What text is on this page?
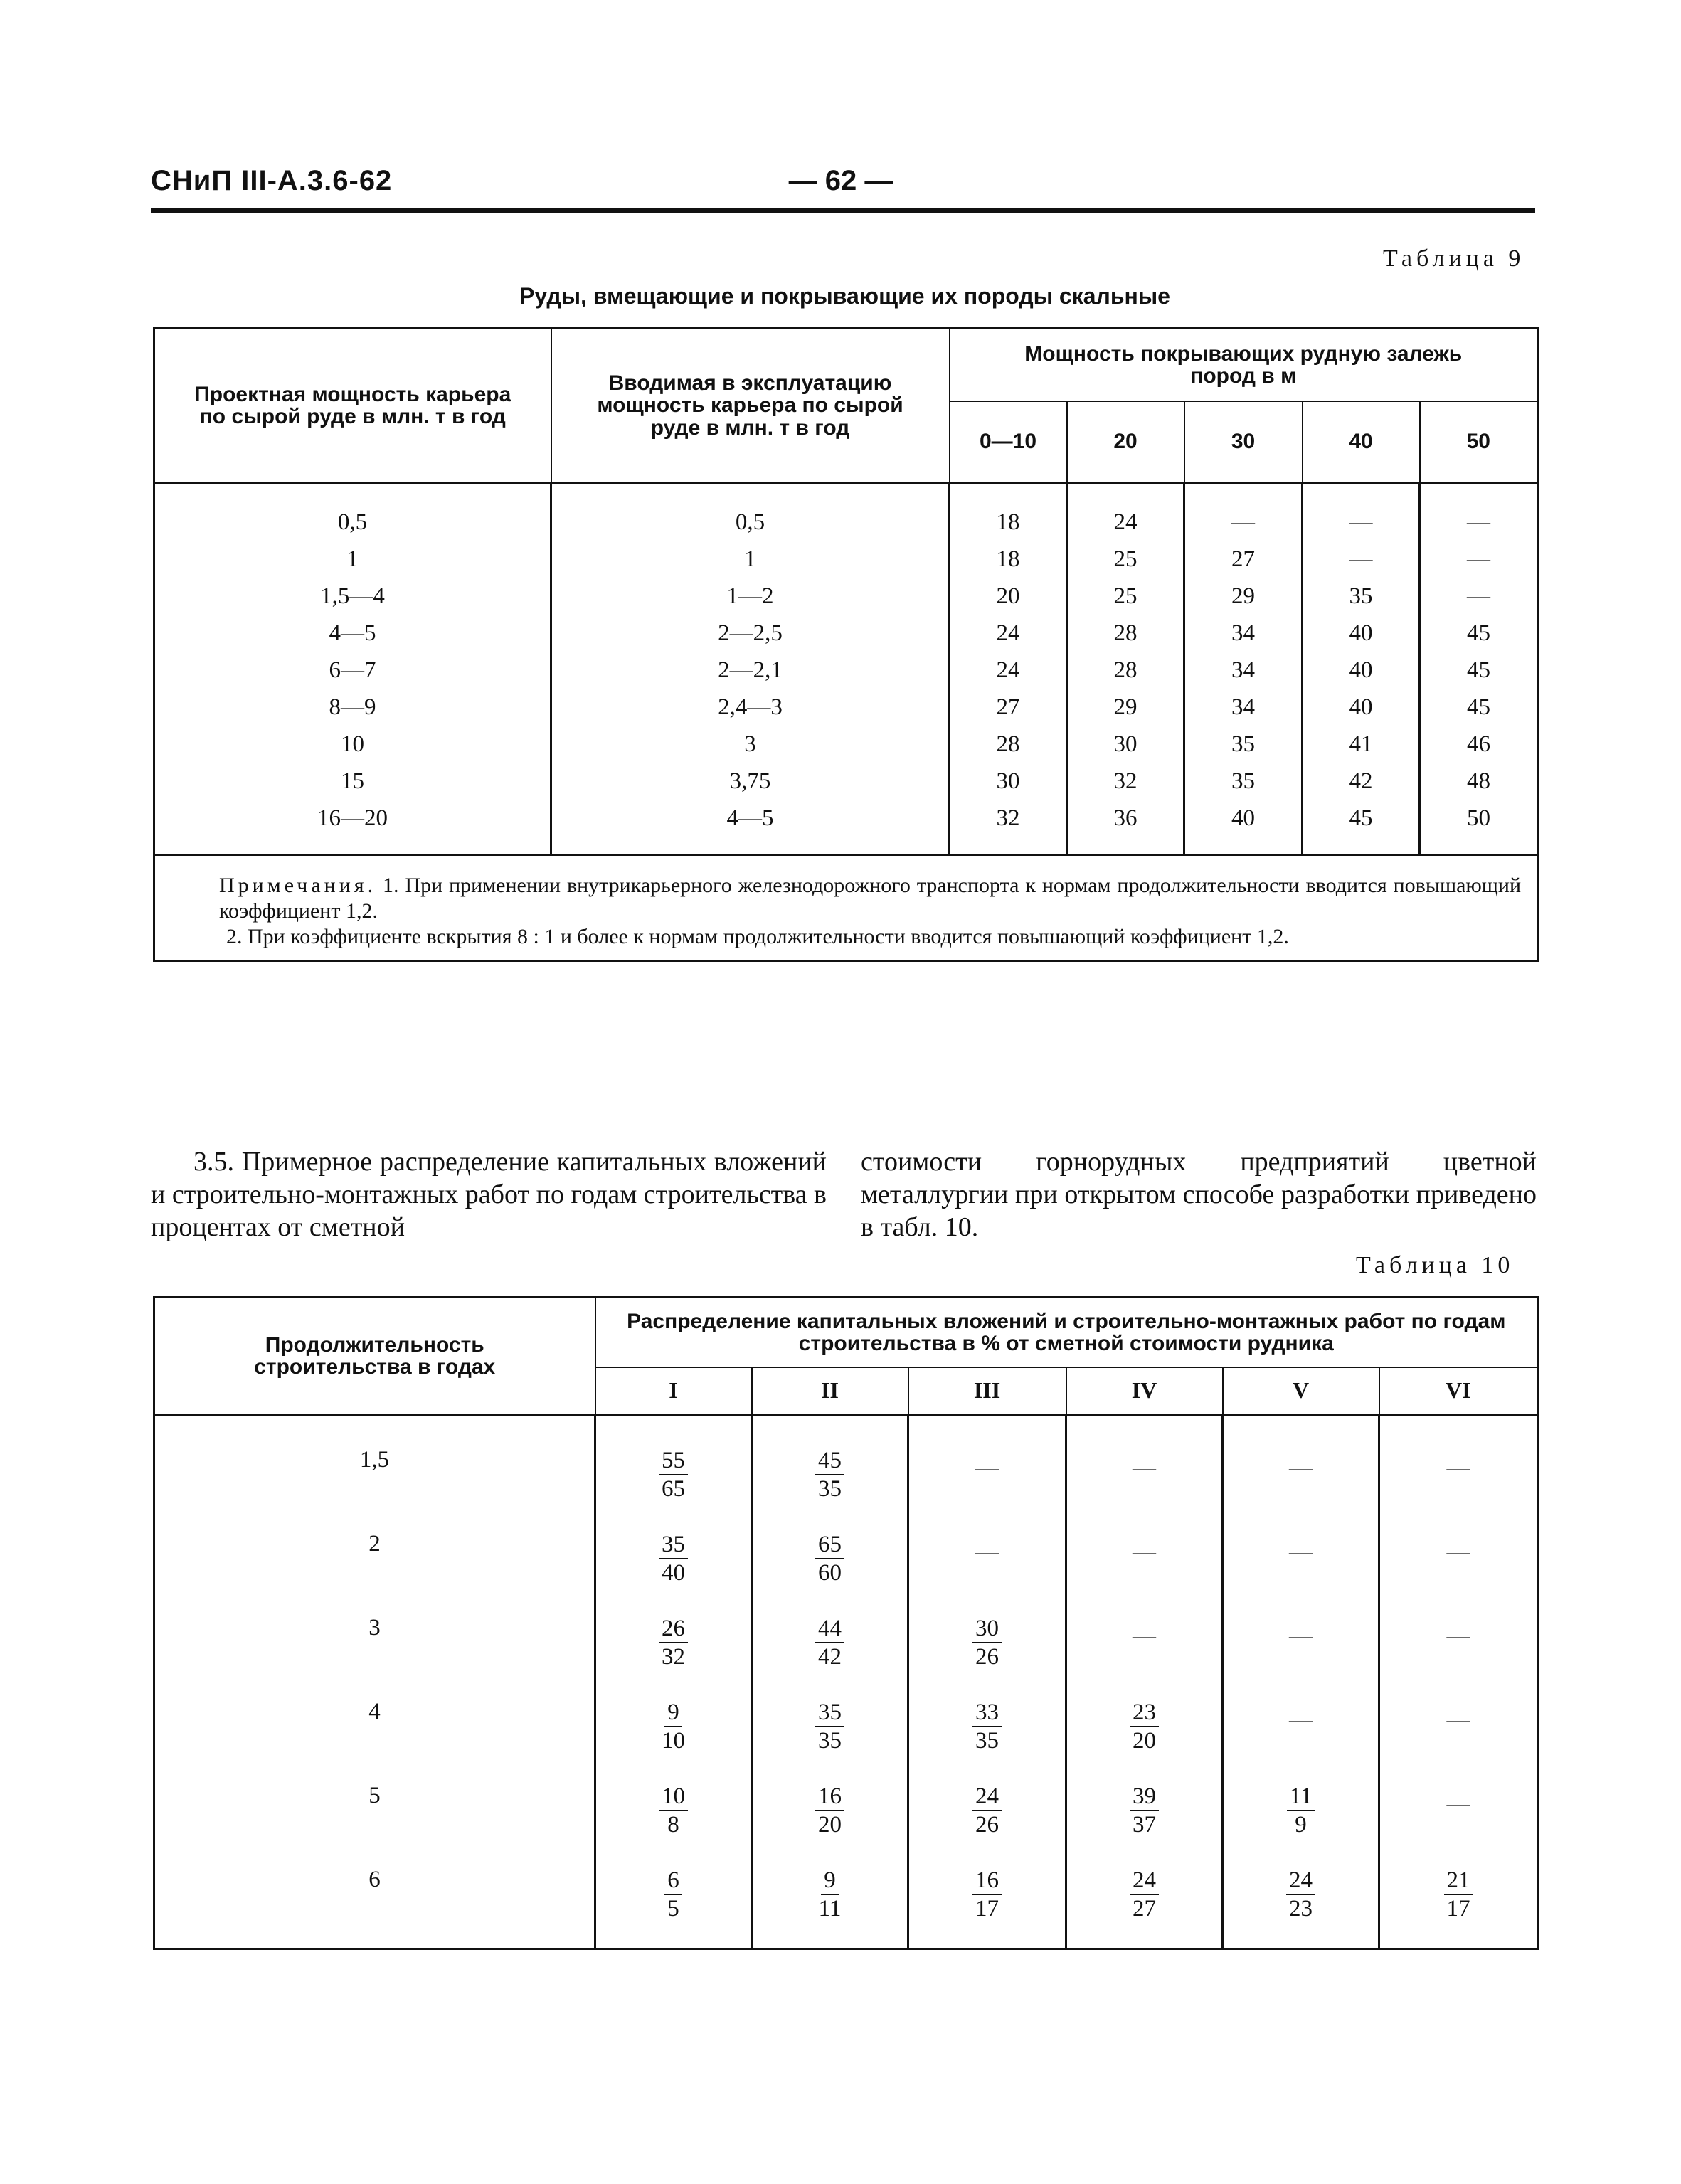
СНиП III-А.3.6-62	— 62 —
Таблица 9
Руды, вмещающие и покрывающие их породы скальные
Проектная мощность карьера по сырой руде в млн. т в год	Вводимая в эксплуатацию мощность карьера по сырой руде в млн. т в год	Мощность покрывающих рудную залежь пород в м				
		0—10	20	30	40	50
0,5	0,5	18	24	—	—	—
1	1	18	25	27	—	—
1,5—4	1—2	20	25	29	35	—
4—5	2—2,5	24	28	34	40	45
6—7	2—2,1	24	28	34	40	45
8—9	2,4—3	27	29	34	40	45
10	3	28	30	35	41	46
15	3,75	30	32	35	42	48
16—20	4—5	32	36	40	45	50

Примечания. 1. При применении внутрикарьерного железнодорожного транспорта к нормам продолжительности вводится повышающий коэффициент 1,2.
2. При коэффициенте вскрытия 8 : 1 и более к нормам продолжительности вводится повышающий коэффициент 1,2.						
3.5. Примерное распределение капитальных вложений и строительно-монтажных работ по годам строительства в процентах от сметной
стоимости горнорудных предприятий цветной металлургии при открытом способе разработки приведено в табл. 10.
Таблица 10
Продолжительность строительства в годах	Распределение капитальных вложений и строительно-монтажных работ по годам строительства в % от сметной стоимости рудника					
	I	II	III	IV	V	VI
1,5	$\frac{55}{65}$	$\frac{45}{35}$	—	—	—	—
2	$\frac{35}{40}$	$\frac{65}{60}$	—	—	—	—
3	$\frac{26}{32}$	$\frac{44}{42}$	$\frac{30}{26}$	—	—	—
4	$\frac{9}{10}$	$\frac{35}{35}$	$\frac{33}{35}$	$\frac{23}{20}$	—	—
5	$\frac{10}{8}$	$\frac{16}{20}$	$\frac{24}{26}$	$\frac{39}{37}$	$\frac{11}{9}$	—
6	$\frac{6}{5}$	$\frac{9}{11}$	$\frac{16}{17}$	$\frac{24}{27}$	$\frac{24}{23}$	$\frac{21}{17}$
